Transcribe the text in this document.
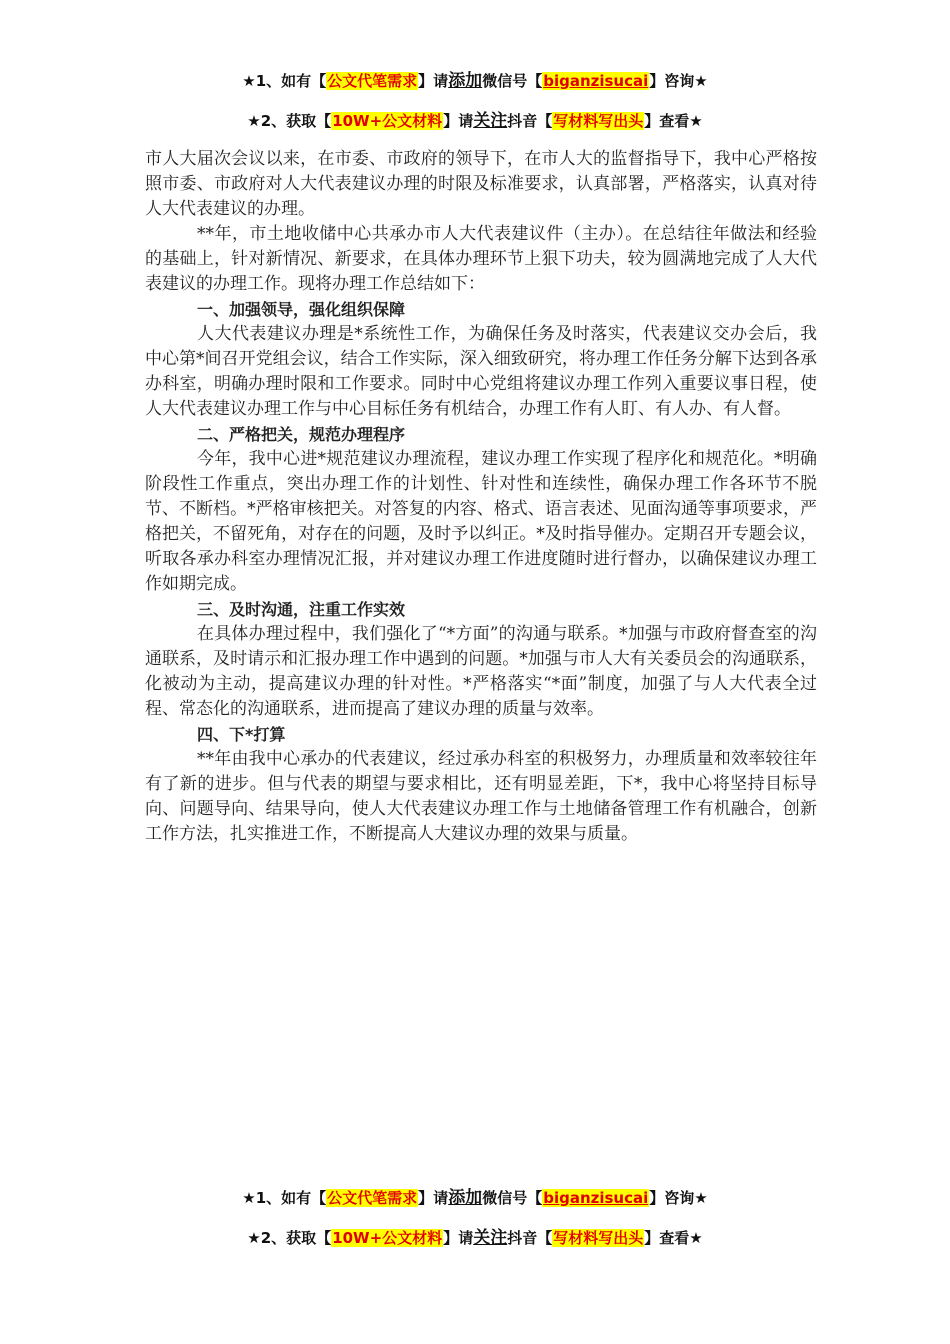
★1、如有【公文代笔需求】请添加微信号【biganzisucai】咨询★
★2、获取【10W+公文材料】请关注抖音【写材料写出头】查看★

市人大届次会议以来，在市委、市政府的领导下，在市人大的监督指导下，我中心严格按照市委、市政府对人大代表建议办理的时限及标准要求，认真部署，严格落实，认真对待人大代表建议的办理。

**年，市土地收储中心共承办市人大代表建议件（主办）。在总结往年做法和经验的基础上，针对新情况、新要求，在具体办理环节上狠下功夫，较为圆满地完成了人大代表建议的办理工作。现将办理工作总结如下：

一、加强领导，强化组织保障

人大代表建议办理是*系统性工作，为确保任务及时落实，代表建议交办会后，我中心第*间召开党组会议，结合工作实际，深入细致研究，将办理工作任务分解下达到各承办科室，明确办理时限和工作要求。同时中心党组将建议办理工作列入重要议事日程，使人大代表建议办理工作与中心目标任务有机结合，办理工作有人盯、有人办、有人督。

二、严格把关，规范办理程序

今年，我中心进*规范建议办理流程，建议办理工作实现了程序化和规范化。*明确阶段性工作重点，突出办理工作的计划性、针对性和连续性，确保办理工作各环节不脱节、不断档。*严格审核把关。对答复的内容、格式、语言表述、见面沟通等事项要求，严格把关，不留死角，对存在的问题，及时予以纠正。*及时指导催办。定期召开专题会议，听取各承办科室办理情况汇报，并对建议办理工作进度随时进行督办，以确保建议办理工作如期完成。

三、及时沟通，注重工作实效

在具体办理过程中，我们强化了“*方面”的沟通与联系。*加强与市政府督查室的沟通联系，及时请示和汇报办理工作中遇到的问题。*加强与市人大有关委员会的沟通联系，化被动为主动，提高建议办理的针对性。*严格落实“*面”制度，加强了与人大代表全过程、常态化的沟通联系，进而提高了建议办理的质量与效率。

四、下*打算

**年由我中心承办的代表建议，经过承办科室的积极努力，办理质量和效率较往年有了新的进步。但与代表的期望与要求相比，还有明显差距，下*，我中心将坚持目标导向、问题导向、结果导向，使人大代表建议办理工作与土地储备管理工作有机融合，创新工作方法，扎实推进工作，不断提高人大建议办理的效果与质量。

★1、如有【公文代笔需求】请添加微信号【biganzisucai】咨询★
★2、获取【10W+公文材料】请关注抖音【写材料写出头】查看★
